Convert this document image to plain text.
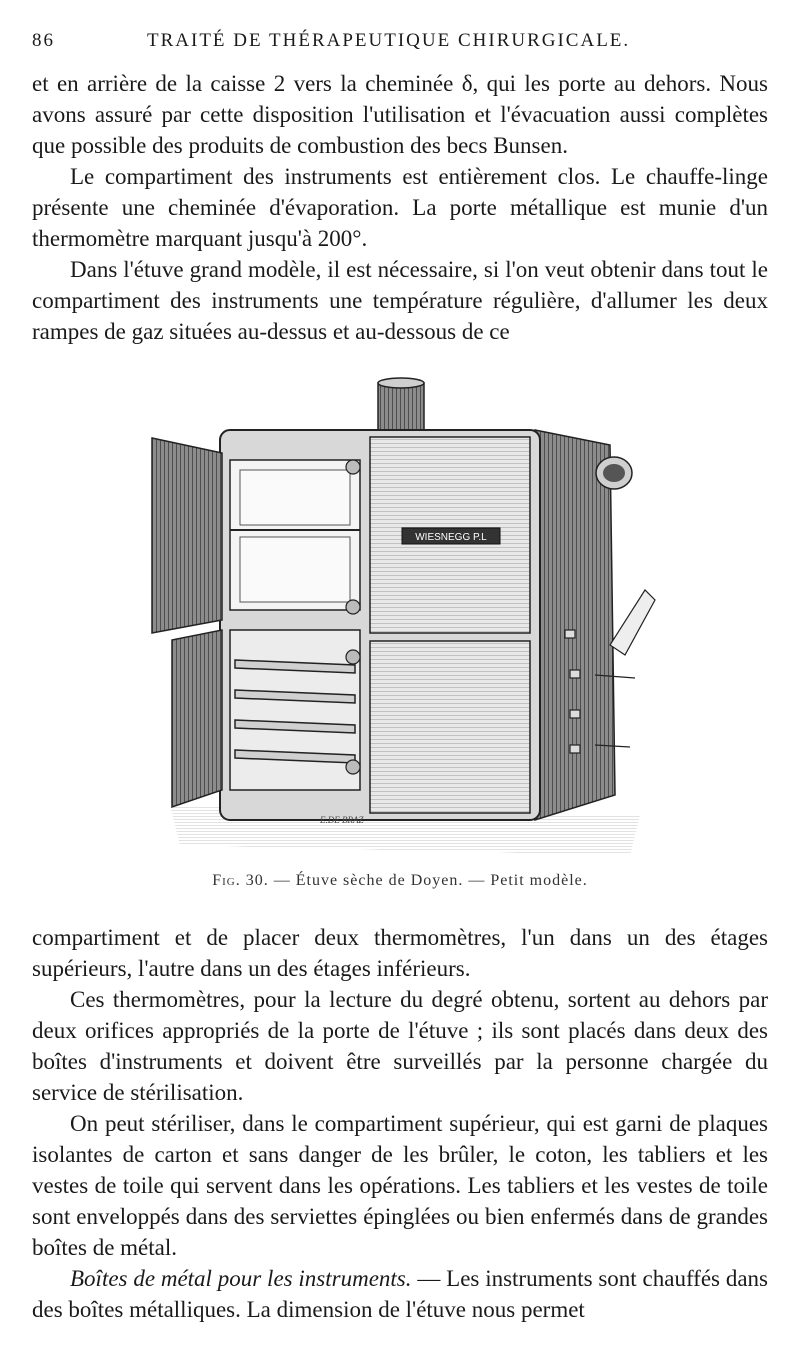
86	TRAITÉ DE THÉRAPEUTIQUE CHIRURGICALE.

et en arrière de la caisse 2 vers la cheminée δ, qui les porte au dehors. Nous avons assuré par cette disposition l'utilisation et l'évacuation aussi complètes que possible des produits de combustion des becs Bunsen.

Le compartiment des instruments est entièrement clos. Le chauffe-linge présente une cheminée d'évaporation. La porte métallique est munie d'un thermomètre marquant jusqu'à 200°.

Dans l'étuve grand modèle, il est nécessaire, si l'on veut obtenir dans tout le compartiment des instruments une température régulière, d'allumer les deux rampes de gaz situées au-dessus et au-dessous de ce

WIESNEGG P.L
E.DE BRAZ
Fig. 30. — Étuve sèche de Doyen. — Petit modèle.

compartiment et de placer deux thermomètres, l'un dans un des étages supérieurs, l'autre dans un des étages inférieurs.

Ces thermomètres, pour la lecture du degré obtenu, sortent au dehors par deux orifices appropriés de la porte de l'étuve ; ils sont placés dans deux des boîtes d'instruments et doivent être surveillés par la personne chargée du service de stérilisation.

On peut stériliser, dans le compartiment supérieur, qui est garni de plaques isolantes de carton et sans danger de les brûler, le coton, les tabliers et les vestes de toile qui servent dans les opérations. Les tabliers et les vestes de toile sont enveloppés dans des serviettes épinglées ou bien enfermés dans de grandes boîtes de métal.

Boîtes de métal pour les instruments. — Les instruments sont chauffés dans des boîtes métalliques. La dimension de l'étuve nous permet
